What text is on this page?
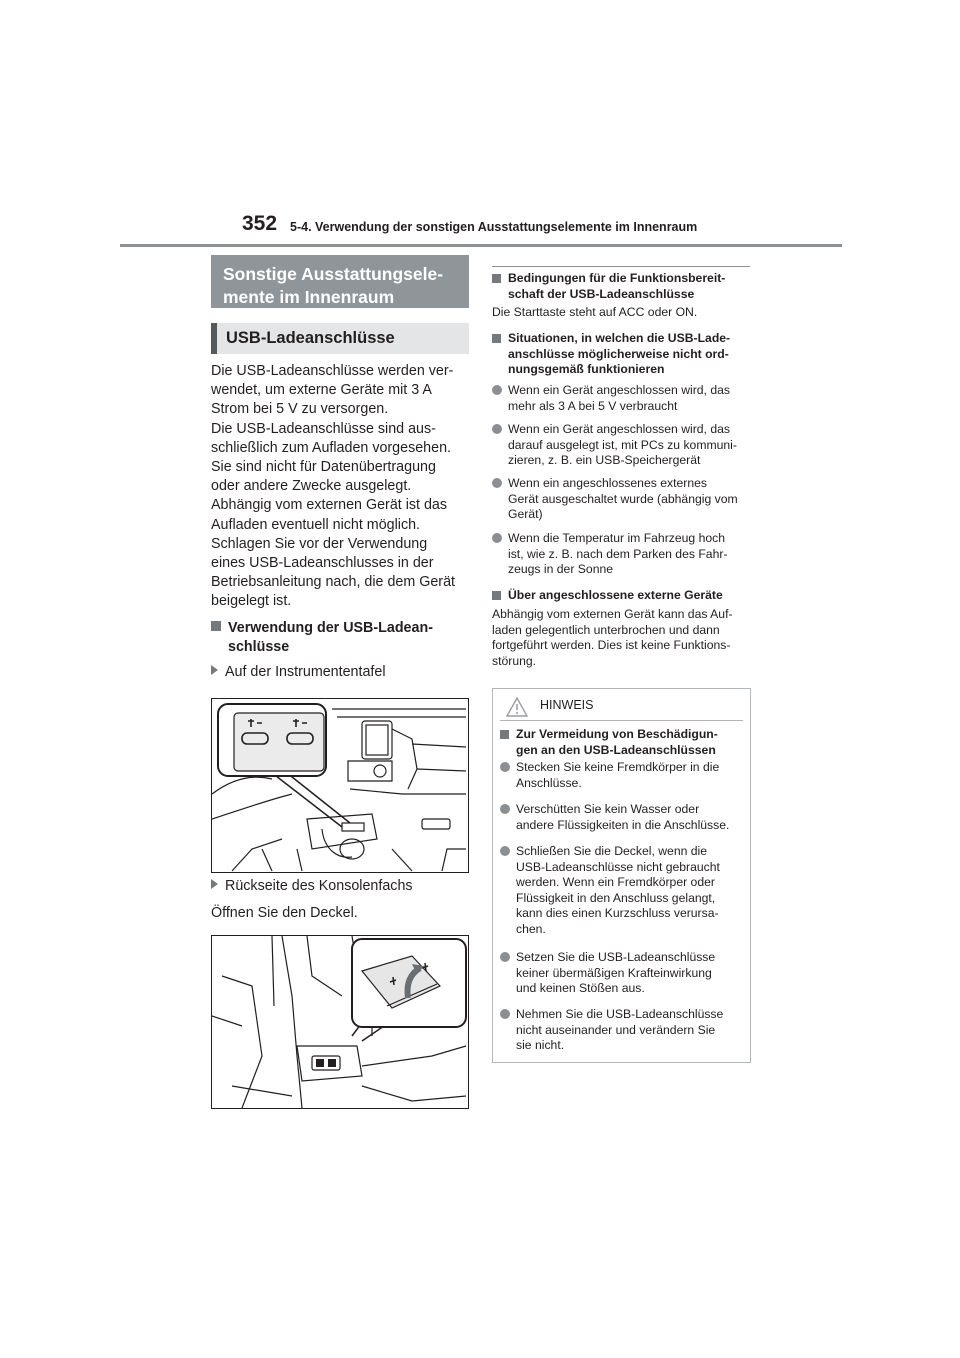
352 5-4. Verwendung der sonstigen Ausstattungselemente im Innenraum
Sonstige Ausstattungsele-
mente im Innenraum
USB-Ladeanschlüsse

Die USB-Ladeanschlüsse werden ver-

wendet, um externe Geräte mit 3 A

Strom bei 5 V zu versorgen.

Die USB-Ladeanschlüsse sind aus-

schließlich zum Aufladen vorgesehen.

Sie sind nicht für Datenübertragung

oder andere Zwecke ausgelegt.

Abhängig vom externen Gerät ist das

Aufladen eventuell nicht möglich.

Schlagen Sie vor der Verwendung

eines USB-Ladeanschlusses in der

Betriebsanleitung nach, die dem Gerät

beigelegt ist.

Verwendung der USB-Ladean-

schlüsse

Auf der Instrumententafel
Rückseite des Konsolenfachs
Öffnen Sie den Deckel.
Bedingungen für die Funktionsbereit-
schaft der USB-Ladeanschlüsse
Die Starttaste steht auf ACC oder ON.
Situationen, in welchen die USB-Lade-
anschlüsse möglicherweise nicht ord-
nungsgemäß funktionieren
Wenn ein Gerät angeschlossen wird, das
mehr als 3 A bei 5 V verbraucht
Wenn ein Gerät angeschlossen wird, das
darauf ausgelegt ist, mit PCs zu kommuni-
zieren, z. B. ein USB-Speichergerät
Wenn ein angeschlossenes externes
Gerät ausgeschaltet wurde (abhängig vom
Gerät)
Wenn die Temperatur im Fahrzeug hoch
ist, wie z. B. nach dem Parken des Fahr-
zeugs in der Sonne
Über angeschlossene externe Geräte
Abhängig vom externen Gerät kann das Auf-
laden gelegentlich unterbrochen und dann
fortgeführt werden. Dies ist keine Funktions-
störung.
HINWEIS
Zur Vermeidung von Beschädigun-
gen an den USB-Ladeanschlüssen
Stecken Sie keine Fremdkörper in die
Anschlüsse.
Verschütten Sie kein Wasser oder
andere Flüssigkeiten in die Anschlüsse.
Schließen Sie die Deckel, wenn die
USB-Ladeanschlüsse nicht gebraucht
werden. Wenn ein Fremdkörper oder
Flüssigkeit in den Anschluss gelangt,
kann dies einen Kurzschluss verursa-
chen.
Setzen Sie die USB-Ladeanschlüsse
keiner übermäßigen Krafteinwirkung
und keinen Stößen aus.
Nehmen Sie die USB-Ladeanschlüsse
nicht auseinander und verändern Sie
sie nicht.
